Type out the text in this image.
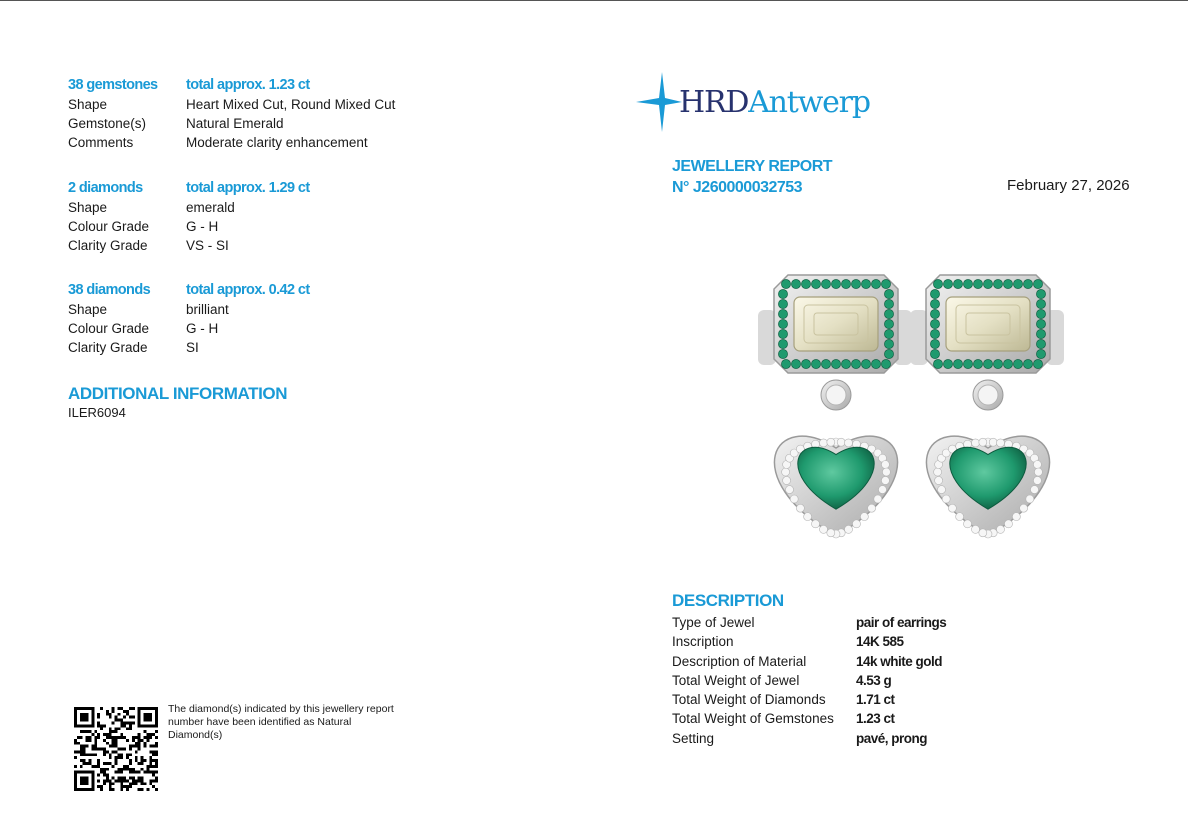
38 gemstones total approx. 1.23 ct
Shape	Heart Mixed Cut, Round Mixed Cut
Gemstone(s)	Natural Emerald
Comments	Moderate clarity enhancement
2 diamonds	total approx. 1.29 ct
Shape	emerald
Colour Grade	G - H
Clarity Grade	VS - SI
38 diamonds total approx. 0.42 ct
Shape	brilliant
Colour Grade	G - H
Clarity Grade	SI
ADDITIONAL INFORMATION
ILER6094
The diamond(s) indicated by this jewellery report number have been identified as Natural Diamond(s)
HRDAntwerp
JEWELLERY REPORT
N° J260000032753	February 27, 2026
DESCRIPTION
Type of Jewel	pair of earrings
Inscription	14K 585
Description of Material	14k white gold
Total Weight of Jewel	4.53 g
Total Weight of Diamonds 1.71 ct
Total Weight of Gemstones 1.23 ct
Setting	pavé, prong
